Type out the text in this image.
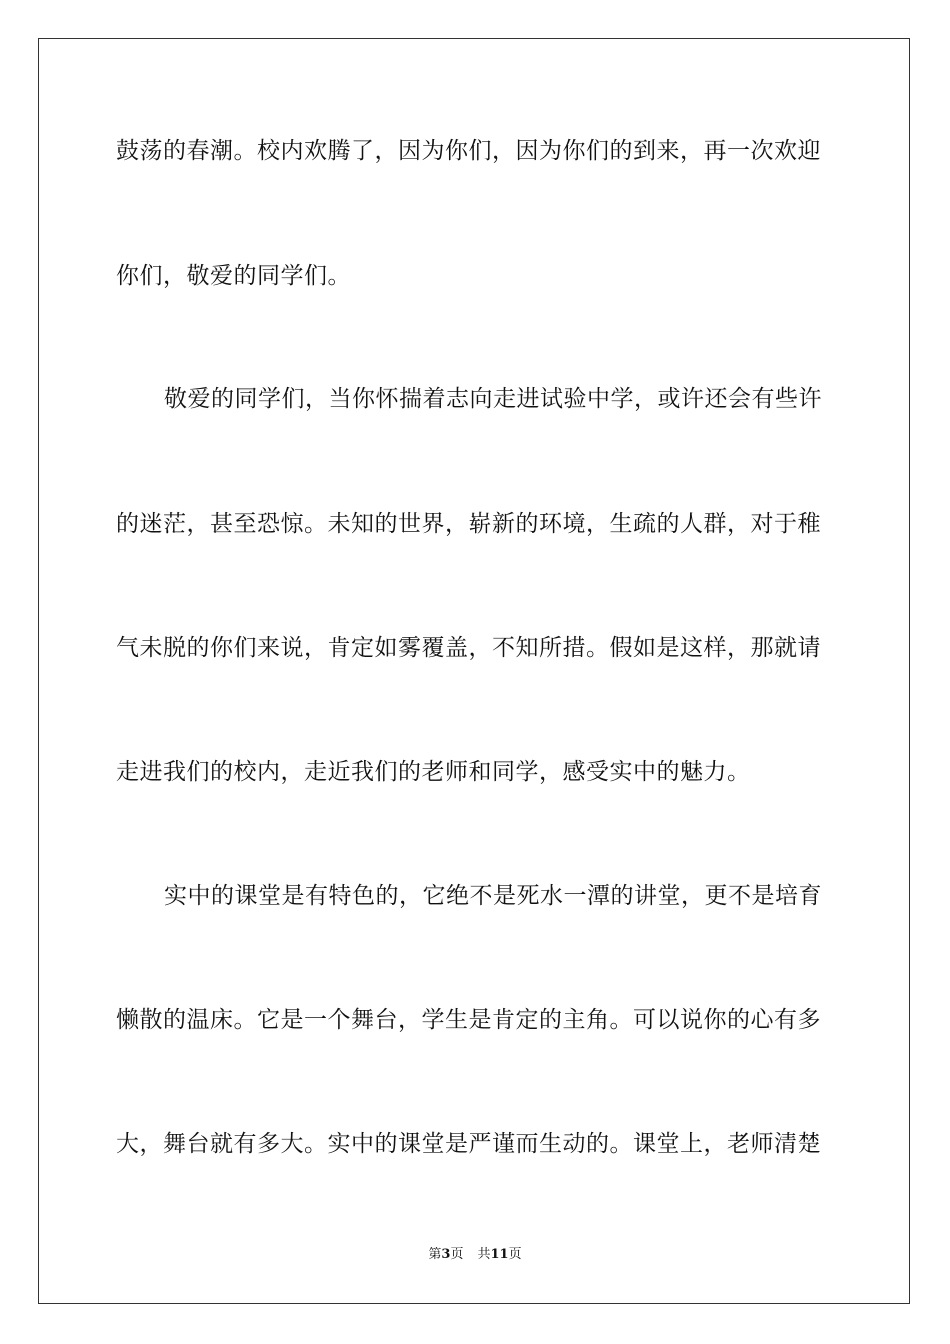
鼓荡的春潮。校内欢腾了，因为你们，因为你们的到来，再一次欢迎
你们，敬爱的同学们。
敬爱的同学们，当你怀揣着志向走进试验中学，或许还会有些许
的迷茫，甚至恐惊。未知的世界，崭新的环境，生疏的人群，对于稚
气未脱的你们来说，肯定如雾覆盖，不知所措。假如是这样，那就请
走进我们的校内，走近我们的老师和同学，感受实中的魅力。
实中的课堂是有特色的，它绝不是死水一潭的讲堂，更不是培育
懒散的温床。它是一个舞台，学生是肯定的主角。可以说你的心有多
大，舞台就有多大。实中的课堂是严谨而生动的。课堂上，老师清楚
第3页 共11页
